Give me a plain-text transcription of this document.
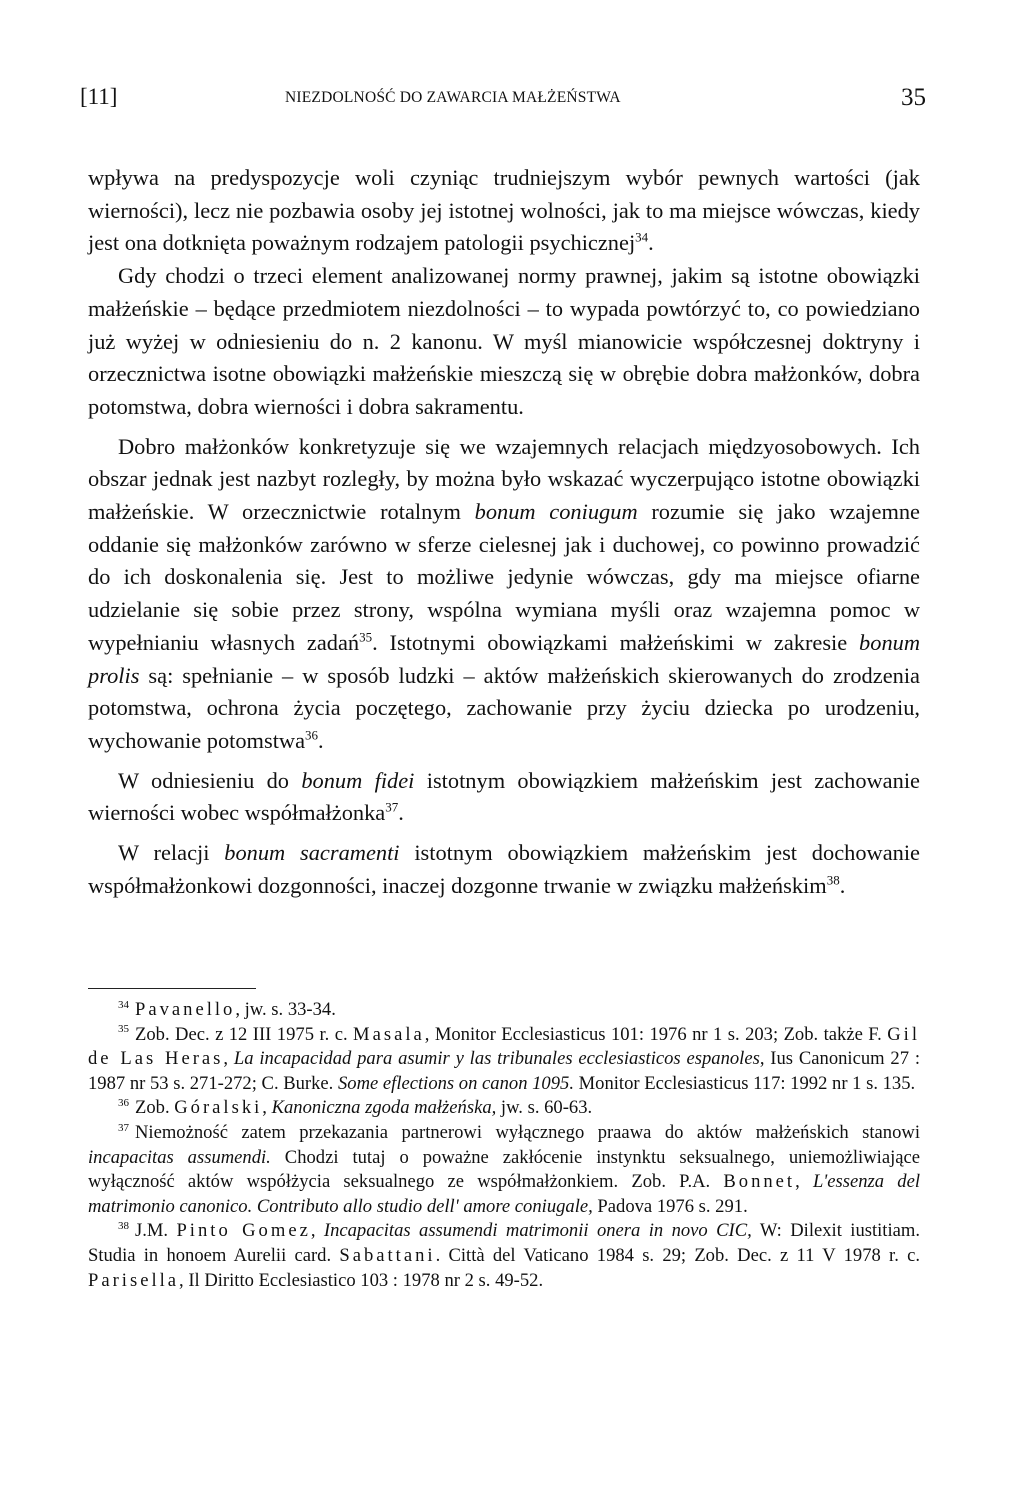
[11]	NIEZDOLNOŚĆ DO ZAWARCIA MAŁŻEŃSTWA	35

wpływa na predyspozycje woli czyniąc trudniejszym wybór pewnych wartości (jak wierności), lecz nie pozbawia osoby jej istotnej wolności, jak to ma miejsce wówczas, kiedy jest ona dotknięta poważnym rodzajem patologii psychicznej$^{34}$.

Gdy chodzi o trzeci element analizowanej normy prawnej, jakim są istotne obowiązki małżeńskie – będące przedmiotem niezdolności – to wypada powtórzyć to, co powiedziano już wyżej w odniesieniu do n. 2 kanonu. W myśl mianowicie współczesnej doktryny i orzecznictwa isotne obowiązki małżeńskie mieszczą się w obrębie dobra małżonków, dobra potomstwa, dobra wierności i dobra sakramentu.

Dobro małżonków konkretyzuje się we wzajemnych relacjach międzyosobowych. Ich obszar jednak jest nazbyt rozległy, by można było wskazać wyczerpująco istotne obowiązki małżeńskie. W orzecznictwie rotalnym bonum coniugum rozumie się jako wzajemne oddanie się małżonków zarówno w sferze cielesnej jak i duchowej, co powinno prowadzić do ich doskonalenia się. Jest to możliwe jedynie wówczas, gdy ma miejsce ofiarne udzielanie się sobie przez strony, wspólna wymiana myśli oraz wzajemna pomoc w wypełnianiu własnych zadań$^{35}$. Istotnymi obowiązkami małżeńskimi w zakresie bonum prolis są: spełnianie – w sposób ludzki – aktów małżeńskich skierowanych do zrodzenia potomstwa, ochrona życia poczętego, zachowanie przy życiu dziecka po urodzeniu, wychowanie potomstwa$^{36}$.

W odniesieniu do bonum fidei istotnym obowiązkiem małżeńskim jest zachowanie wierności wobec współmałżonka$^{37}$.

W relacji bonum sacramenti istotnym obowiązkiem małżeńskim jest dochowanie współmałżonkowi dozgonności, inaczej dozgonne trwanie w związku małżeńskim$^{38}$.

$^{34}$ Pavanello, jw. s. 33-34.

$^{35}$ Zob. Dec. z 12 III 1975 r. c. Masala, Monitor Ecclesiasticus 101: 1976 nr 1 s. 203; Zob. także F. Gil de Las Heras, La incapacidad para asumir y las tribunales ecclesiasticos espanoles, Ius Canonicum 27 : 1987 nr 53 s. 271-272; C. Burke. Some eflections on canon 1095. Monitor Ecclesiasticus 117: 1992 nr 1 s. 135.

$^{36}$ Zob. Góralski, Kanoniczna zgoda małżeńska, jw. s. 60-63.

$^{37}$ Niemożność zatem przekazania partnerowi wyłącznego praawa do aktów małżeńskich stanowi incapacitas assumendi. Chodzi tutaj o poważne zakłócenie instynktu seksualnego, uniemożliwiające wyłączność aktów współżycia seksualnego ze współmałżonkiem. Zob. P.A. Bonnet, L'essenza del matrimonio canonico. Contributo allo studio dell' amore coniugale, Padova 1976 s. 291.

$^{38}$ J.M. Pinto Gomez, Incapacitas assumendi matrimonii onera in novo CIC, W: Dilexit iustitiam. Studia in honoem Aurelii card. Sabattani. Città del Vaticano 1984 s. 29; Zob. Dec. z 11 V 1978 r. c. Parisella, Il Diritto Ecclesiastico 103 : 1978 nr 2 s. 49-52.
